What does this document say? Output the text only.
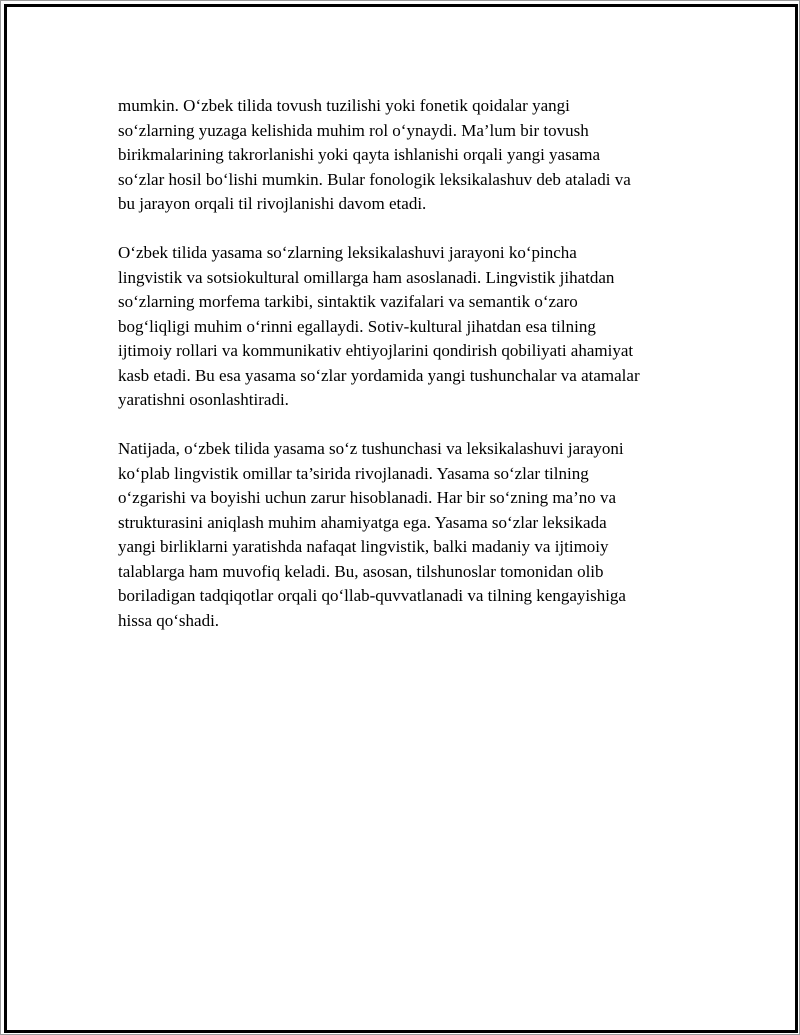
mumkin. O‘zbek tilida tovush tuzilishi yoki fonetik qoidalar yangi
so‘zlarning yuzaga kelishida muhim rol o‘ynaydi. Ma’lum bir tovush
birikmalarining takrorlanishi yoki qayta ishlanishi orqali yangi yasama
so‘zlar hosil bo‘lishi mumkin. Bular fonologik leksikalashuv deb ataladi va
bu jarayon orqali til rivojlanishi davom etadi.

O‘zbek tilida yasama so‘zlarning leksikalashuvi jarayoni ko‘pincha
lingvistik va sotsiokultural omillarga ham asoslanadi. Lingvistik jihatdan
so‘zlarning morfema tarkibi, sintaktik vazifalari va semantik o‘zaro
bog‘liqligi muhim o‘rinni egallaydi. Sotiv-kultural jihatdan esa tilning
ijtimoiy rollari va kommunikativ ehtiyojlarini qondirish qobiliyati ahamiyat
kasb etadi. Bu esa yasama so‘zlar yordamida yangi tushunchalar va atamalar
yaratishni osonlashtiradi.

Natijada, o‘zbek tilida yasama so‘z tushunchasi va leksikalashuvi jarayoni
ko‘plab lingvistik omillar ta’sirida rivojlanadi. Yasama so‘zlar tilning
o‘zgarishi va boyishi uchun zarur hisoblanadi. Har bir so‘zning ma’no va
strukturasini aniqlash muhim ahamiyatga ega. Yasama so‘zlar leksikada
yangi birliklarni yaratishda nafaqat lingvistik, balki madaniy va ijtimoiy
talablarga ham muvofiq keladi. Bu, asosan, tilshunoslar tomonidan olib
boriladigan tadqiqotlar orqali qo‘llab-quvvatlanadi va tilning kengayishiga
hissa qo‘shadi.
